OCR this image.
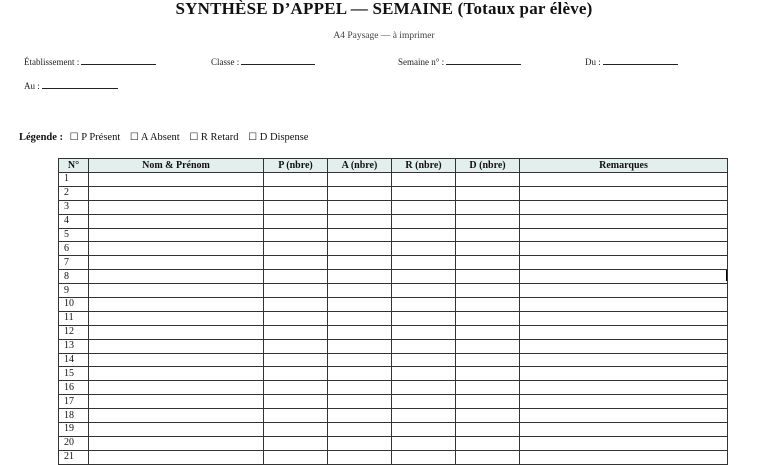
SYNTHÈSE D’APPEL — SEMAINE (Totaux par élève)
A4 Paysage — à imprimer
Établissement :	Classe :	Semaine n° :	Du :
Au :
Légende : ☐ P Présent ☐ A Absent ☐ R Retard ☐ D Dispense
N°	Nom & Prénom	P (nbre)	A (nbre)	R (nbre)	D (nbre)	Remarques
1						
2						
3						
4						
5						
6						
7						
8						
9						
10						
11						
12						
13						
14						
15						
16						
17						
18						
19						
20						
21						
